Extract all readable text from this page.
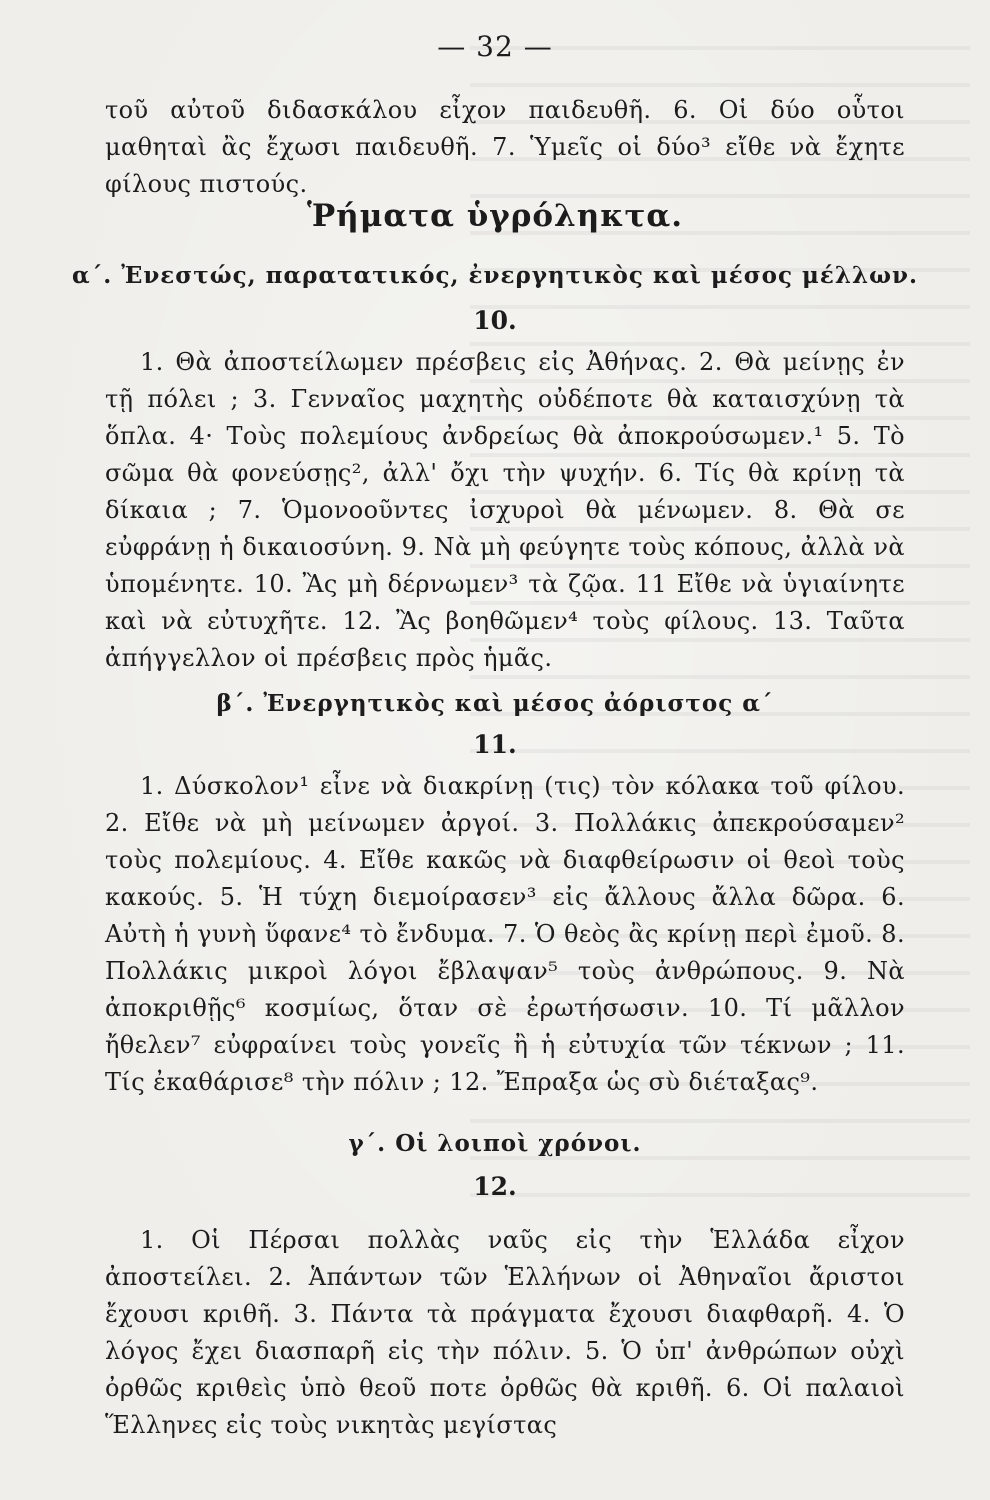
— 32 —

τοῦ αὐτοῦ διδασκάλου εἶχον παιδευθῆ. 6. Οἱ δύο οὗτοι μαθηταὶ ἂς ἔχωσι παιδευθῆ. 7. Ὑμεῖς οἱ δύο³ εἴθε νὰ ἔχητε φίλους πιστούς.

Ῥήματα ὑγρόληκτα.
α΄. Ἐνεστώς, παρατατικός, ἐνεργητικὸς καὶ μέσος μέλλων.
10.

1. Θὰ ἀποστείλωμεν πρέσβεις εἰς Ἀθήνας. 2. Θὰ μείνῃς ἐν τῇ πόλει ; 3. Γενναῖος μαχητὴς οὐδέποτε θὰ καταισχύνῃ τὰ ὅπλα. 4· Τοὺς πολεμίους ἀνδρείως θὰ ἀποκρούσωμεν.¹ 5. Τὸ σῶμα θὰ φονεύσῃς², ἀλλ' ὄχι τὴν ψυχήν. 6. Τίς θὰ κρίνῃ τὰ δίκαια ; 7. Ὁμονοοῦντες ἰσχυροὶ θὰ μένωμεν. 8. Θὰ σε εὐφράνῃ ἡ δικαιοσύνη. 9. Νὰ μὴ φεύγητε τοὺς κόπους, ἀλλὰ νὰ ὑπομένητε. 10. Ἂς μὴ δέρνωμεν³ τὰ ζῷα. 11 Εἴθε νὰ ὑγιαίνητε καὶ νὰ εὐτυχῆτε. 12. Ἂς βοηθῶμεν⁴ τοὺς φίλους. 13. Ταῦτα ἀπήγγελλον οἱ πρέσβεις πρὸς ἡμᾶς.

β΄. Ἐνεργητικὸς καὶ μέσος ἀόριστος α΄
11.

1. Δύσκολον¹ εἶνε νὰ διακρίνῃ (τις) τὸν κόλακα τοῦ φίλου. 2. Εἴθε νὰ μὴ μείνωμεν ἀργοί. 3. Πολλάκις ἀπεκρούσαμεν² τοὺς πολεμίους. 4. Εἴθε κακῶς νὰ διαφθείρωσιν οἱ θεοὶ τοὺς κακούς. 5. Ἡ τύχη διεμοίρασεν³ εἰς ἄλλους ἄλλα δῶρα. 6. Αὐτὴ ἡ γυνὴ ὕφανε⁴ τὸ ἔνδυμα. 7. Ὁ θεὸς ἂς κρίνῃ περὶ ἐμοῦ. 8. Πολλάκις μικροὶ λόγοι ἔβλαψαν⁵ τοὺς ἀνθρώπους. 9. Νὰ ἀποκριθῇς⁶ κοσμίως, ὅταν σὲ ἐρωτήσωσιν. 10. Τί μᾶλλον ἤθελεν⁷ εὐφραίνει τοὺς γονεῖς ἢ ἡ εὐτυχία τῶν τέκνων ; 11. Τίς ἐκαθάρισε⁸ τὴν πόλιν ; 12. Ἔπραξα ὡς σὺ διέταξας⁹.

γ΄. Οἱ λοιποὶ χρόνοι.
12.

1. Οἱ Πέρσαι πολλὰς ναῦς εἰς τὴν Ἑλλάδα εἶχον ἀποστείλει. 2. Ἁπάντων τῶν Ἑλλήνων οἱ Ἀθηναῖοι ἄριστοι ἔχουσι κριθῆ. 3. Πάντα τὰ πράγματα ἔχουσι διαφθαρῆ. 4. Ὁ λόγος ἔχει διασπαρῆ εἰς τὴν πόλιν. 5. Ὁ ὑπ' ἀνθρώπων οὐχὶ ὀρθῶς κριθεὶς ὑπὸ θεοῦ ποτε ὀρθῶς θὰ κριθῆ. 6. Οἱ παλαιοὶ Ἕλληνες εἰς τοὺς νικητὰς μεγίστας
